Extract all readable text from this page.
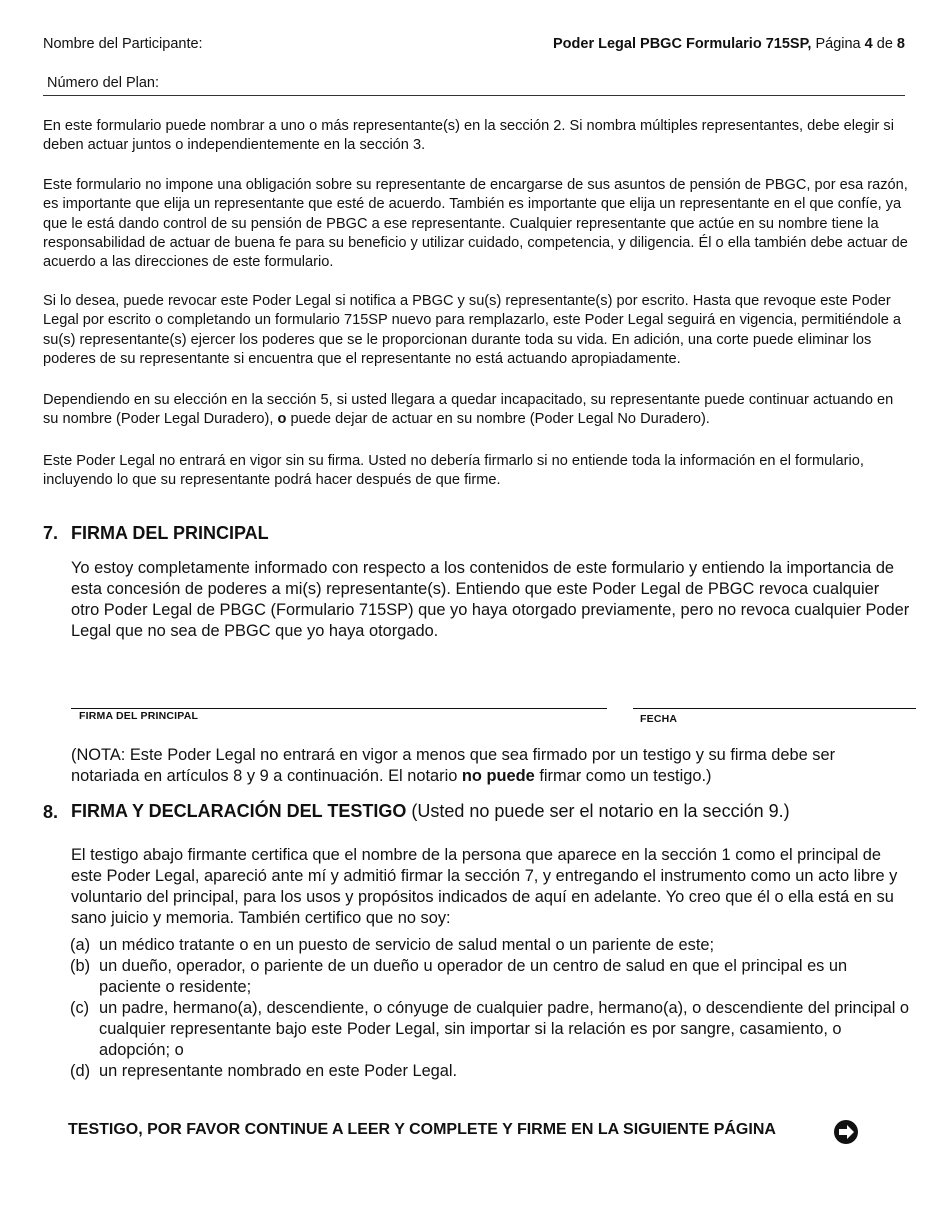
Nombre del Participante:	Poder Legal PBGC Formulario 715SP, Página 4 de 8
Número del Plan:

En este formulario puede nombrar a uno o más representante(s) en la sección 2. Si nombra múltiples representantes, debe elegir si deben actuar juntos o independientemente en la sección 3.

Este formulario no impone una obligación sobre su representante de encargarse de sus asuntos de pensión de PBGC, por esa razón, es importante que elija un representante que esté de acuerdo. También es importante que elija un representante en el que confíe, ya que le está dando control de su pensión de PBGC a ese representante. Cualquier representante que actúe en su nombre tiene la responsabilidad de actuar de buena fe para su beneficio y utilizar cuidado, competencia, y diligencia. Él o ella también debe actuar de acuerdo a las direcciones de este formulario.

Si lo desea, puede revocar este Poder Legal si notifica a PBGC y su(s) representante(s) por escrito. Hasta que revoque este Poder Legal por escrito o completando un formulario 715SP nuevo para remplazarlo, este Poder Legal seguirá en vigencia, permitiéndole a su(s) representante(s) ejercer los poderes que se le proporcionan durante toda su vida. En adición, una corte puede eliminar los poderes de su representante si encuentra que el representante no está actuando apropiadamente.

Dependiendo en su elección en la sección 5, si usted llegara a quedar incapacitado, su representante puede continuar actuando en su nombre (Poder Legal Duradero), o puede dejar de actuar en su nombre (Poder Legal No Duradero).

Este Poder Legal no entrará en vigor sin su firma. Usted no debería firmarlo si no entiende toda la información en el formulario, incluyendo lo que su representante podrá hacer después de que firme.

7. FIRMA DEL PRINCIPAL

Yo estoy completamente informado con respecto a los contenidos de este formulario y entiendo la importancia de esta concesión de poderes a mi(s) representante(s). Entiendo que este Poder Legal de PBGC revoca cualquier otro Poder Legal de PBGC (Formulario 715SP) que yo haya otorgado previamente, pero no revoca cualquier Poder Legal que no sea de PBGC que yo haya otorgado.

FIRMA DEL PRINCIPAL	FECHA

(NOTA: Este Poder Legal no entrará en vigor a menos que sea firmado por un testigo y su firma debe ser notariada en artículos 8 y 9 a continuación. El notario no puede firmar como un testigo.)

8. FIRMA Y DECLARACIÓN DEL TESTIGO (Usted no puede ser el notario en la sección 9.)

El testigo abajo firmante certifica que el nombre de la persona que aparece en la sección 1 como el principal de este Poder Legal, apareció ante mí y admitió firmar la sección 7, y entregando el instrumento como un acto libre y voluntario del principal, para los usos y propósitos indicados de aquí en adelante. Yo creo que él o ella está en su sano juicio y memoria. También certifico que no soy:

(a) un médico tratante o en un puesto de servicio de salud mental o un pariente de este;
(b) un dueño, operador, o pariente de un dueño u operador de un centro de salud en que el principal es un paciente o residente;
(c) un padre, hermano(a), descendiente, o cónyuge de cualquier padre, hermano(a), o descendiente del principal o cualquier representante bajo este Poder Legal, sin importar si la relación es por sangre, casamiento, o adopción; o
(d) un representante nombrado en este Poder Legal.
TESTIGO, POR FAVOR CONTINUE A LEER Y COMPLETE Y FIRME EN LA SIGUIENTE PÁGINA
